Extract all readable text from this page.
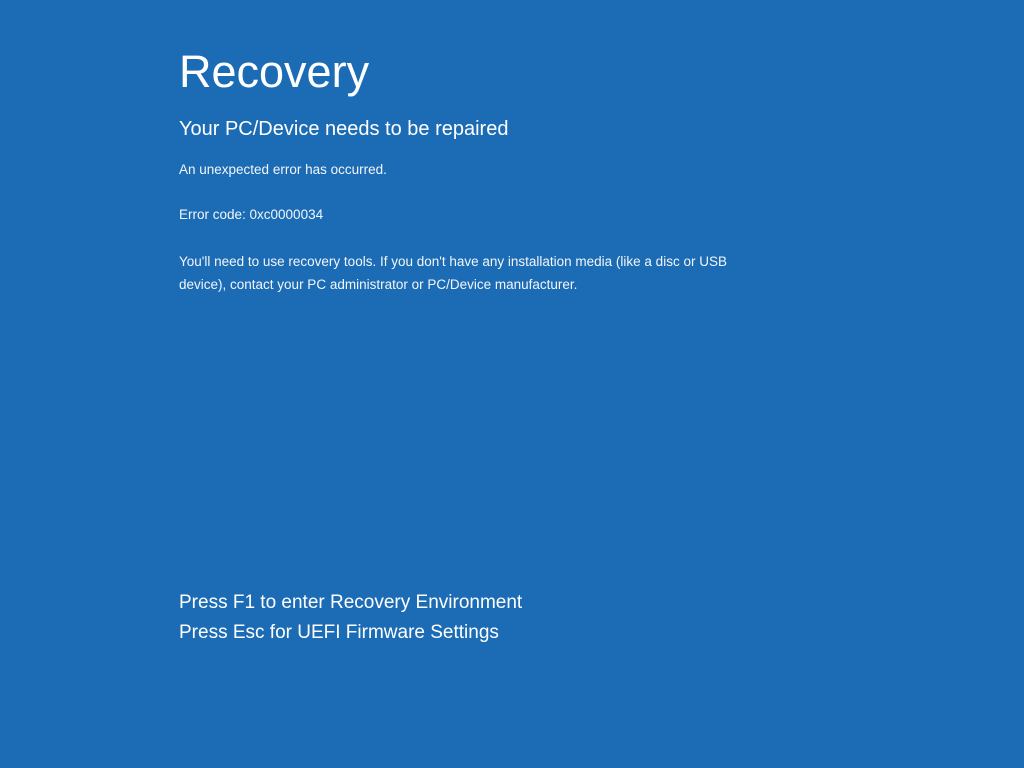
Recovery
Your PC/Device needs to be repaired

An unexpected error has occurred.

Error code: 0xc0000034

You'll need to use recovery tools. If you don't have any installation media (like a disc or USB device), contact your PC administrator or PC/Device manufacturer.

Press F1 to enter Recovery Environment

Press Esc for UEFI Firmware Settings
